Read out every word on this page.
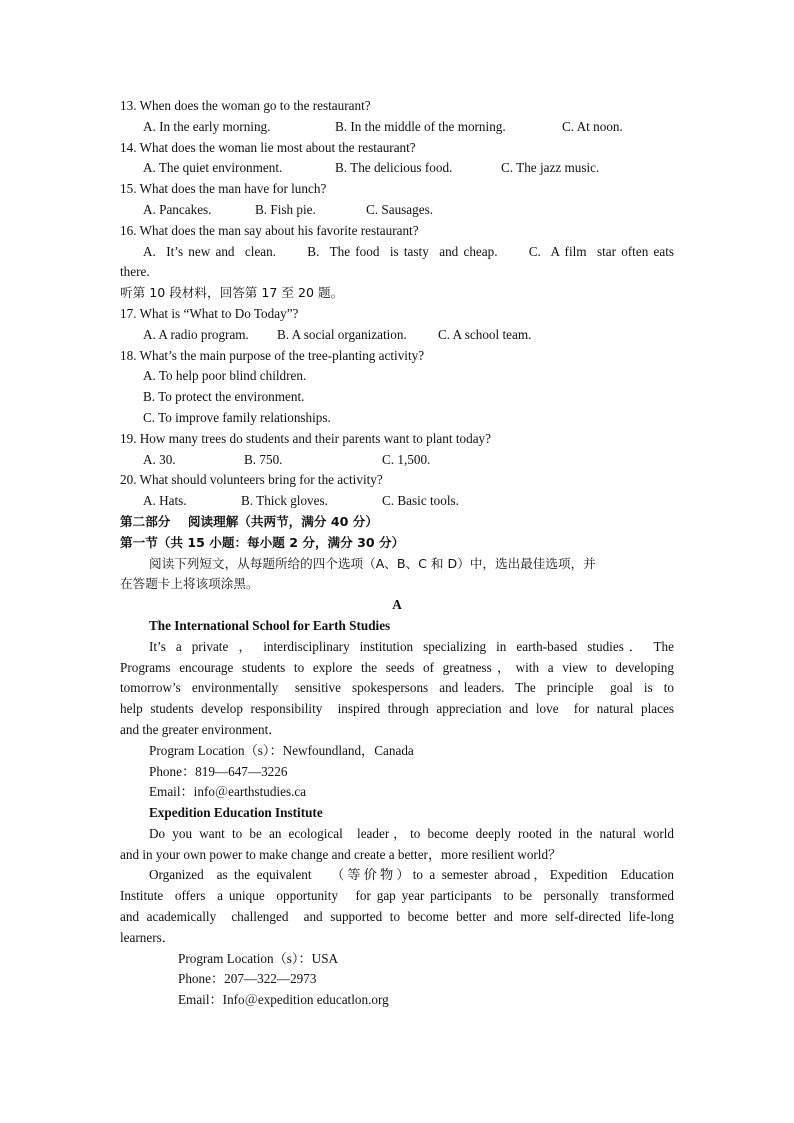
13. When does the woman go to the restaurant?
A. In the early morning.	B. In the middle of the morning.	C. At noon.
14. What does the woman lie most about the restaurant?
A. The quiet environment.	B. The delicious food.	C. The jazz music.
15. What does the man have for lunch?
A. Pancakes.	B. Fish pie.	C. Sausages.
16. What does the man say about his favorite restaurant?
A.  It’s new and  clean.      B.  The food  is tasty  and cheap.      C.  A film  star often eats
there.
听第 10 段材料，回答第 17 至 20 题。
17. What is “What to Do Today”?
A. A radio program.	B. A social organization.	C. A school team.
18. What’s the main purpose of the tree-planting activity?
A. To help poor blind children.
B. To protect the environment.
C. To improve family relationships.
19. How many trees do students and their parents want to plant today?
A. 30.	B. 750.	C. 1,500.
20. What should volunteers bring for the activity?
A. Hats.	B. Thick gloves.	C. Basic tools.
第二部分    阅读理解（共两节，满分 40 分）
第一节（共 15 小题：每小题 2 分，满分 30 分）
阅读下列短文，从每题所给的四个选项（A、B、C 和 D）中，选出最佳选项，并
在答题卡上将该项涂黑。
A
The International School for Earth Studies
It’s  a  private  ，  interdisciplinary  institution  specializing  in  earth-based  studies ．  The
Programs encourage students to explore the seeds of greatness，with a view to developing
tomorrow’s  environmentally   sensitive  spokespersons  and leaders.  The  principle   goal  is  to
help students develop responsibility  inspired through appreciation and love  for natural places
and the greater environment．
Program Location（s）：Newfoundland，Canada
Phone：819—647—3226
Email：info＠earthstudies.ca
Expedition Education Institute
Do you want to be an ecological  leader，to become deeply rooted in the natural world
and in your own power to make change and create a better，more resilient world？
Organized  as the equivalent   （等价物）to a semester abroad，Expedition  Education
Institute  offers  a unique  opportunity   for gap year participants  to be  personally  transformed
and academically  challenged  and supported to become better and more self-directed life-long
learners．
Program Location（s）：USA
Phone：207—322—2973
Email：Info＠expedition educatlon.org
